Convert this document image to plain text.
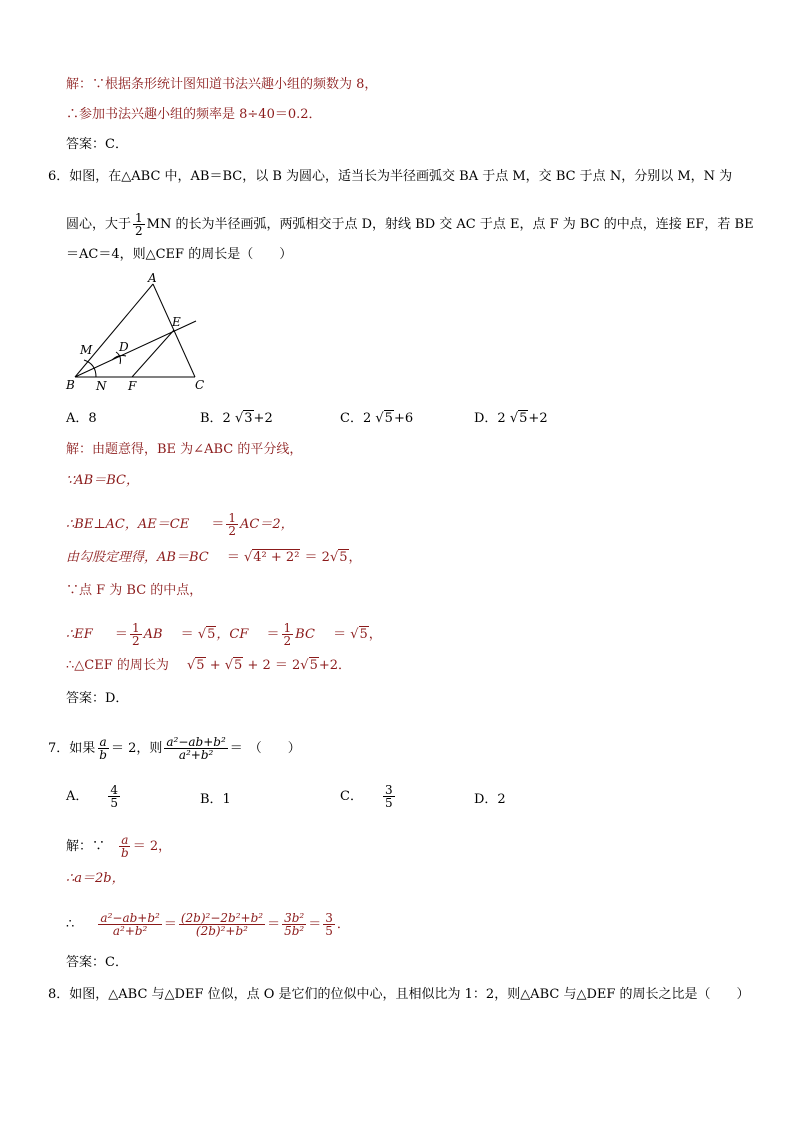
解：∵根据条形统计图知道书法兴趣小组的频数为 8，
∴参加书法兴趣小组的频率是 8÷40＝0.2．
答案：C．
6．如图，在△ABC 中，AB＝BC，以 B 为圆心，适当长为半径画弧交 BA 于点 M，交 BC 于点 N，分别以 M，N 为
圆心，大于 $\frac{1}{2}$ MN 的长为半径画弧，两弧相交于点 D，射线 BD 交 AC 于点 E，点 F 为 BC 的中点，连接 EF，若 BE
＝AC＝4，则△CEF 的周长是（　　）
A
B	C
D
E
F
M
N
A．8	B．2 √3+2	C．2 √5+6	D．2 √5+2
解：由题意得，BE 为∠ABC 的平分线，
∵AB＝BC，
∴BE⊥AC，$AE=CE = \frac{1}{2} AC=2$，
由勾股定理得，AB＝BC ＝ √4² + 2² ＝ 2√5，
∵点 F 为 BC 的中点，
∴EF ＝ $\frac{1}{2}$ AB ＝ √5，CF ＝ $\frac{1}{2}$ BC ＝ √5，
∴△CEF 的周长为 √5 + √5 + 2 ＝ 2√5+2．
答案：D．
7．如果 $\frac{a}{b} = 2$，则 $\frac{\text{a²−ab+b²}}{\text{a²+b²}}$ ＝ （　　）
A． $\frac{4}{5}$	B．1	C． $\frac{3}{5}$	D．2
解：∵ $\frac{a}{b} = 2$，
∴a＝2b，
∴ $\frac{\text{a²−ab+b²}}{\text{a²+b²}} = \frac{\text{(2b)²−2b²+b²}}{\text{(2b)²+b²}} = \frac{\text{3b²}}{\text{5b²}} = \frac{3}{5}$ ．
答案：C．
8．如图，△ABC 与△DEF 位似，点 O 是它们的位似中心，且相似比为 1：2，则△ABC 与△DEF 的周长之比是（　　）
